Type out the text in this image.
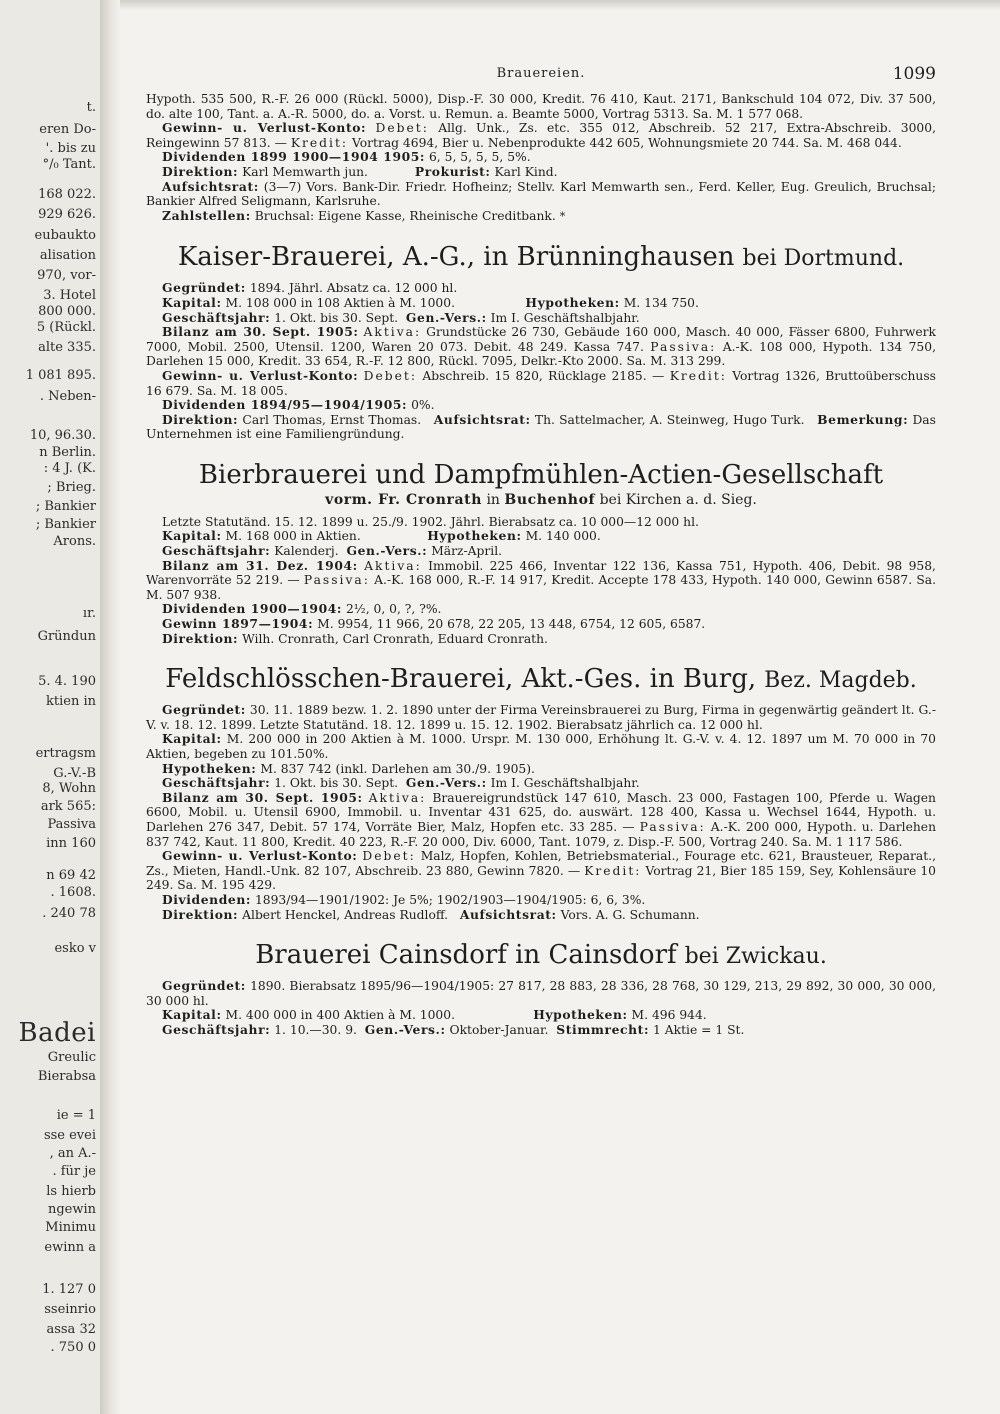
t.
eren Do-
'. bis zu
°/₀ Tant.
168 022.
929 626.
eubaukto
alisation
970, vor-
3. Hotel
800 000.
5 (Rückl.
alte 335.
1 081 895.
. Neben-
10, 96.30.
n Berlin.
: 4 J. (K.
; Brieg.
; Bankier
; Bankier
Arons.
ır.
Gründun
5. 4. 190
ktien in
ertragsm
G.-V.-B
8, Wohn
ark 565:
Passiva
inn 160
n 69 42
. 1608.
. 240 78
esko v
Badei
Greulic
Bierabsa
ie = 1
sse evei
, an A.-
. für je
ls hierb
ngewin
Minimu
ewinn a
1. 127 0
sseinrio
assa 32
. 750 0
Brauereien.	1099

Hypoth. 535 500, R.-F. 26 000 (Rückl. 5000), Disp.-F. 30 000, Kredit. 76 410, Kaut. 2171, Bankschuld 104 072, Div. 37 500, do. alte 100, Tant. a. A.-R. 5000, do. a. Vorst. u. Remun. a. Beamte 5000, Vortrag 5313. Sa. M. 1 577 068.

Gewinn- u. Verlust-Konto: Debet: Allg. Unk., Zs. etc. 355 012, Abschreib. 52 217, Extra-Abschreib. 3000, Reingewinn 57 813. — Kredit: Vortrag 4694, Bier u. Nebenprodukte 442 605, Wohnungsmiete 20 744. Sa. M. 468 044.

Dividenden 1899 1900—1904 1905: 6, 5, 5, 5, 5, 5%.

Direktion: Karl Memwarth jun.	Prokurist: Karl Kind.

Aufsichtsrat: (3—7) Vors. Bank-Dir. Friedr. Hofheinz; Stellv. Karl Memwarth sen., Ferd. Keller, Eug. Greulich, Bruchsal; Bankier Alfred Seligmann, Karlsruhe.

Zahlstellen: Bruchsal: Eigene Kasse, Rheinische Creditbank. *

Kaiser-Brauerei, A.-G., in Brünninghausen bei Dortmund.

Gegründet: 1894. Jährl. Absatz ca. 12 000 hl.

Kapital: M. 108 000 in 108 Aktien à M. 1000.	Hypotheken: M. 134 750.

Geschäftsjahr: 1. Okt. bis 30. Sept. Gen.-Vers.: Im I. Geschäftshalbjahr.

Bilanz am 30. Sept. 1905: Aktiva: Grundstücke 26 730, Gebäude 160 000, Masch. 40 000, Fässer 6800, Fuhrwerk 7000, Mobil. 2500, Utensil. 1200, Waren 20 073. Debit. 48 249. Kassa 747. Passiva: A.-K. 108 000, Hypoth. 134 750, Darlehen 15 000, Kredit. 33 654, R.-F. 12 800, Rückl. 7095, Delkr.-Kto 2000. Sa. M. 313 299.

Gewinn- u. Verlust-Konto: Debet: Abschreib. 15 820, Rücklage 2185. — Kredit: Vortrag 1326, Bruttoüberschuss 16 679. Sa. M. 18 005.

Dividenden 1894/95—1904/1905: 0%.

Direktion: Carl Thomas, Ernst Thomas. Aufsichtsrat: Th. Sattelmacher, A. Steinweg, Hugo Turk. Bemerkung: Das Unternehmen ist eine Familiengründung.

Bierbrauerei und Dampfmühlen-Actien-Gesellschaft
vorm. Fr. Cronrath in Buchenhof bei Kirchen a. d. Sieg.

Letzte Statutänd. 15. 12. 1899 u. 25./9. 1902. Jährl. Bierabsatz ca. 10 000—12 000 hl.

Kapital: M. 168 000 in Aktien.	Hypotheken: M. 140 000.

Geschäftsjahr: Kalenderj. Gen.-Vers.: März-April.

Bilanz am 31. Dez. 1904: Aktiva: Immobil. 225 466, Inventar 122 136, Kassa 751, Hypoth. 406, Debit. 98 958, Warenvorräte 52 219. — Passiva: A.-K. 168 000, R.-F. 14 917, Kredit. Accepte 178 433, Hypoth. 140 000, Gewinn 6587. Sa. M. 507 938.

Dividenden 1900—1904: 2½, 0, 0, ?, ?%.

Gewinn 1897—1904: M. 9954, 11 966, 20 678, 22 205, 13 448, 6754, 12 605, 6587.

Direktion: Wilh. Cronrath, Carl Cronrath, Eduard Cronrath.

Feldschlösschen-Brauerei, Akt.-Ges. in Burg, Bez. Magdeb.

Gegründet: 30. 11. 1889 bezw. 1. 2. 1890 unter der Firma Vereinsbrauerei zu Burg, Firma in gegenwärtig geändert lt. G.-V. v. 18. 12. 1899. Letzte Statutänd. 18. 12. 1899 u. 15. 12. 1902. Bierabsatz jährlich ca. 12 000 hl.

Kapital: M. 200 000 in 200 Aktien à M. 1000. Urspr. M. 130 000, Erhöhung lt. G.-V. v. 4. 12. 1897 um M. 70 000 in 70 Aktien, begeben zu 101.50%.

Hypotheken: M. 837 742 (inkl. Darlehen am 30./9. 1905).

Geschäftsjahr: 1. Okt. bis 30. Sept. Gen.-Vers.: Im I. Geschäftshalbjahr.

Bilanz am 30. Sept. 1905: Aktiva: Brauereigrundstück 147 610, Masch. 23 000, Fastagen 100, Pferde u. Wagen 6600, Mobil. u. Utensil 6900, Immobil. u. Inventar 431 625, do. auswärt. 128 400, Kassa u. Wechsel 1644, Hypoth. u. Darlehen 276 347, Debit. 57 174, Vorräte Bier, Malz, Hopfen etc. 33 285. — Passiva: A.-K. 200 000, Hypoth. u. Darlehen 837 742, Kaut. 11 800, Kredit. 40 223, R.-F. 20 000, Div. 6000, Tant. 1079, z. Disp.-F. 500, Vortrag 240. Sa. M. 1 117 586.

Gewinn- u. Verlust-Konto: Debet: Malz, Hopfen, Kohlen, Betriebsmaterial., Fourage etc. 621, Brausteuer, Reparat., Zs., Mieten, Handl.-Unk. 82 107, Abschreib. 23 880, Gewinn 7820. — Kredit: Vortrag 21, Bier 185 159, Sey, Kohlensäure 10 249. Sa. M. 195 429.

Dividenden: 1893/94—1901/1902: Je 5%; 1902/1903—1904/1905: 6, 6, 3%.

Direktion: Albert Henckel, Andreas Rudloff. Aufsichtsrat: Vors. A. G. Schumann.

Brauerei Cainsdorf in Cainsdorf bei Zwickau.

Gegründet: 1890. Bierabsatz 1895/96—1904/1905: 27 817, 28 883, 28 336, 28 768, 30 129, 213, 29 892, 30 000, 30 000, 30 000 hl.

Kapital: M. 400 000 in 400 Aktien à M. 1000.	Hypotheken: M. 496 944.

Geschäftsjahr: 1. 10.—30. 9. Gen.-Vers.: Oktober-Januar. Stimmrecht: 1 Aktie = 1 St.
